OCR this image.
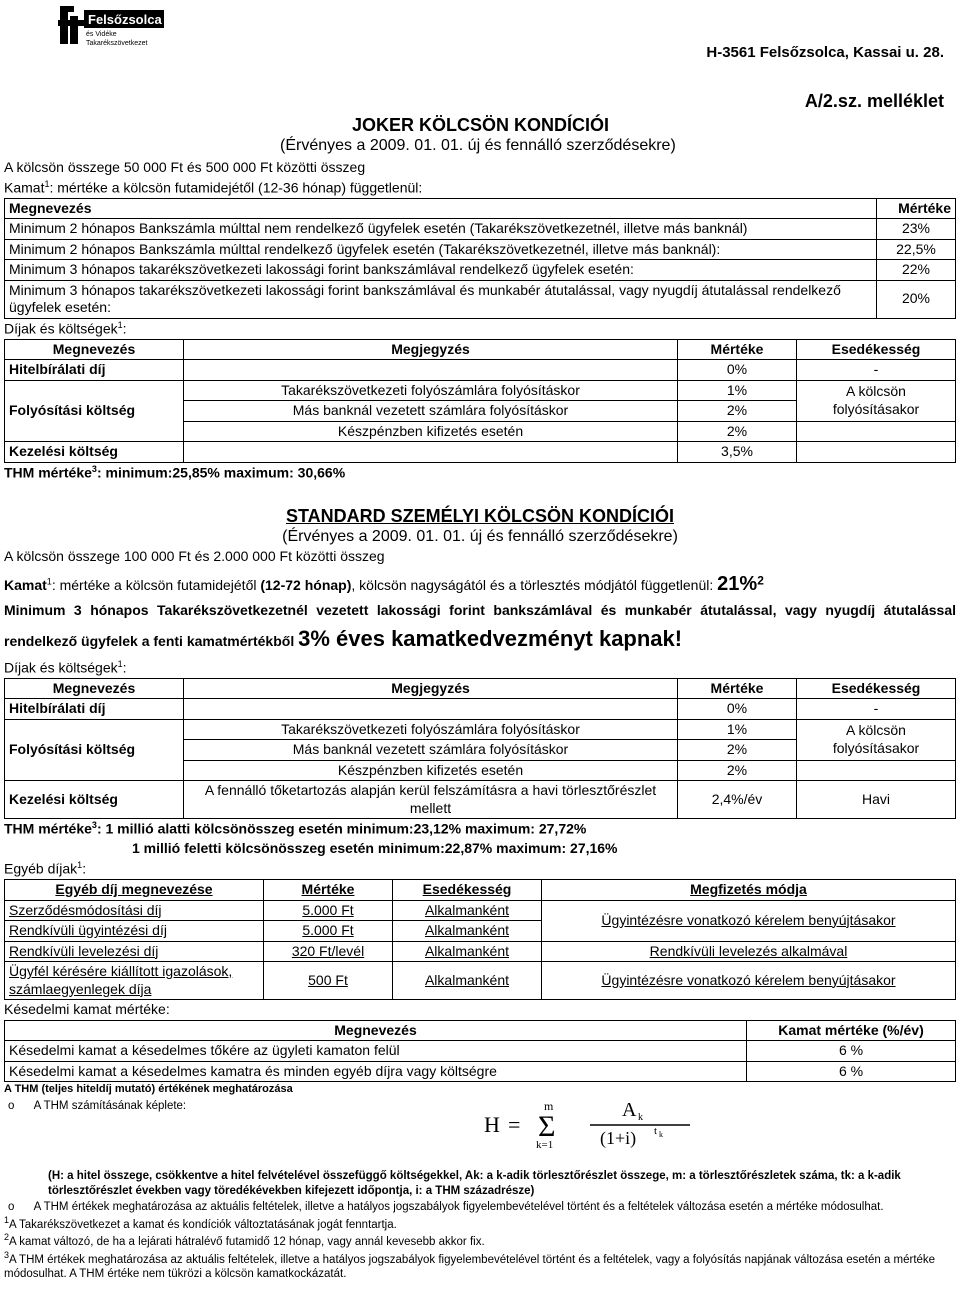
Felsőzsolca
és Vidéke
Takarékszövetkezet
H-3561 Felsőzsolca, Kassai u. 28.
A/2.sz. melléklet
JOKER KÖLCSÖN KONDÍCIÓI
(Érvényes a 2009. 01. 01. új és fennálló szerződésekre)

A kölcsön összege 50 000 Ft és 500 000 Ft közötti összeg

Kamat$^1$: mértéke a kölcsön futamidejétől (12-36 hónap) függetlenül:

Megnevezés	Mértéke
Minimum 2 hónapos Bankszámla múlttal nem rendelkező ügyfelek esetén (Takarékszövetkezetnél, illetve más banknál)	23%
Minimum 2 hónapos Bankszámla múlttal rendelkező ügyfelek esetén (Takarékszövetkezetnél, illetve más banknál):	22,5%
Minimum 3 hónapos takarékszövetkezeti lakossági forint bankszámlával rendelkező ügyfelek esetén:	22%
Minimum 3 hónapos takarékszövetkezeti lakossági forint bankszámlával és munkabér átutalással, vagy nyugdíj átutalással rendelkező ügyfelek esetén:	20%

Díjak és költségek$^1$:

Megnevezés	Megjegyzés	Mértéke	Esedékesség
Hitelbírálati díj		0%	-
Folyósítási költség	Takarékszövetkezeti folyószámlára folyósításkor	1%	A kölcsön folyósításakor
	Más banknál vezetett számlára folyósításkor	2%	
	Készpénzben kifizetés esetén	2%	
Kezelési költség		3,5%	

THM mértéke$^3$: minimum:25,85% maximum: 30,66%

STANDARD SZEMÉLYI KÖLCSÖN KONDÍCIÓI
(Érvényes a 2009. 01. 01. új és fennálló szerződésekre)

A kölcsön összege 100 000 Ft és 2.000 000 Ft közötti összeg

Kamat$^1$: mértéke a kölcsön futamidejétől (12-72 hónap), kölcsön nagyságától és a törlesztés módjától függetlenül: 21%$^2$

Minimum 3 hónapos Takarékszövetkezetnél vezetett lakossági forint bankszámlával és munkabér átutalással, vagy nyugdíj átutalással rendelkező ügyfelek a fenti kamatmértékből 3% éves kamatkedvezményt kapnak!

Díjak és költségek$^1$:

Megnevezés	Megjegyzés	Mértéke	Esedékesség
Hitelbírálati díj		0%	-
Folyósítási költség	Takarékszövetkezeti folyószámlára folyósításkor	1%	A kölcsön folyósításakor
	Más banknál vezetett számlára folyósításkor	2%	
	Készpénzben kifizetés esetén	2%	
Kezelési költség	A fennálló tőketartozás alapján kerül felszámításra a havi törlesztőrészlet mellett	2,4%/év	Havi

THM mértéke$^3$: 1 millió alatti kölcsönösszeg esetén minimum:23,12% maximum: 27,72%

1 millió feletti kölcsönösszeg esetén minimum:22,87% maximum: 27,16%

Egyéb díjak$^1$:

Egyéb díj megnevezése	Mértéke	Esedékesség	Megfizetés módja
Szerződésmódosítási díj	5.000 Ft	Alkalmanként	Ügyintézésre vonatkozó kérelem benyújtásakor
Rendkívüli ügyintézési díj	5.000 Ft	Alkalmanként	
Rendkívüli levelezési díj	320 Ft/levél	Alkalmanként	Rendkívüli levelezés alkalmával
Ügyfél kérésére kiállított igazolások, számlaegyenlegek díja	500 Ft	Alkalmanként	Ügyintézésre vonatkozó kérelem benyújtásakor

Késedelmi kamat mértéke:

Megnevezés	Kamat mértéke (%/év)
Késedelmi kamat a késedelmes tőkére az ügyleti kamaton felül	6 %
Késedelmi kamat a késedelmes kamatra és minden egyéb díjra vagy költségre	6 %

A THM (teljes hiteldíj mutató) értékének meghatározása

o A THM számításának képlete:

H = Σ
m
k=1
A k
(1+i) t k

(H: a hitel összege, csökkentve a hitel felvételével összefüggő költségekkel, Ak: a k-adik törlesztőrészlet összege, m: a törlesztőrészletek száma, tk: a k-adik törlesztőrészlet években vagy töredékévekben kifejezett időpontja, i: a THM századrésze)

o A THM értékek meghatározása az aktuális feltételek, illetve a hatályos jogszabályok figyelembevételével történt és a feltételek változása esetén a mértéke módosulhat.

$^1$A Takarékszövetkezet a kamat és kondíciók változtatásának jogát fenntartja.

$^2$A kamat változó, de ha a lejárati hátralévő futamidő 12 hónap, vagy annál kevesebb akkor fix.

$^3$A THM értékek meghatározása az aktuális feltételek, illetve a hatályos jogszabályok figyelembevételével történt és a feltételek, vagy a folyósítás napjának változása esetén a mértéke módosulhat. A THM értéke nem tükrözi a kölcsön kamatkockázatát.
